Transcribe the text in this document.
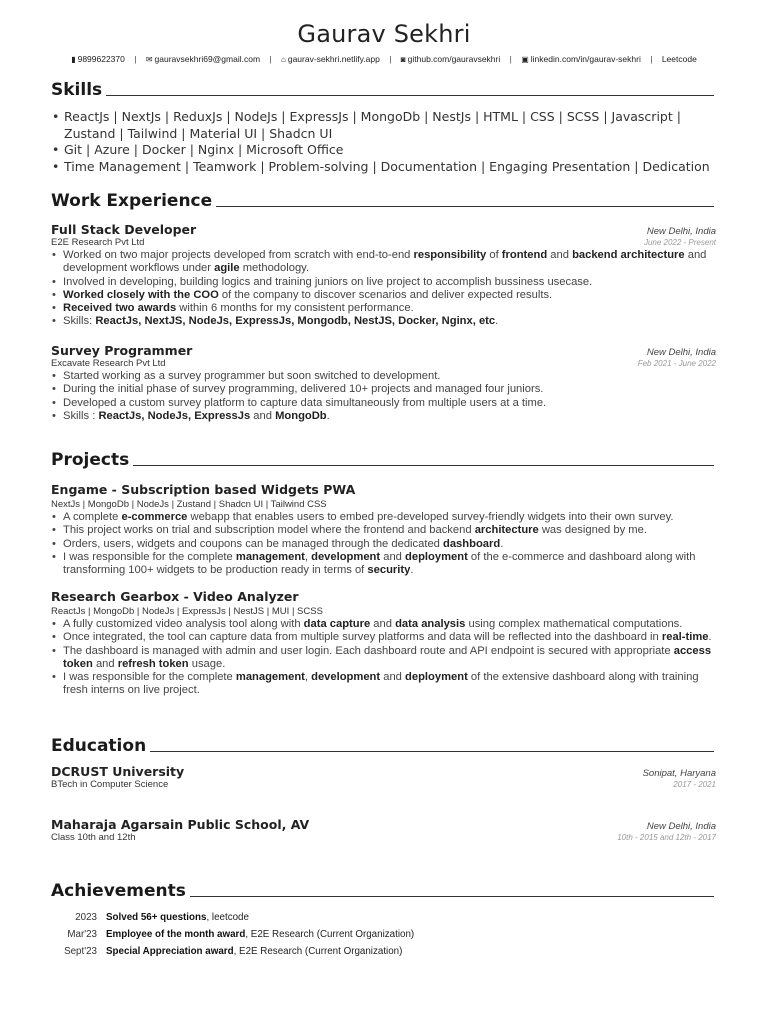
Gaurav Sekhri
▮ 9899622370 | ✉ gauravsekhri69@gmail.com | ⌂ gaurav-sekhri.netlify.app | ◙ github.com/gauravsekhri | ▣ linkedin.com/in/gaurav-sekhri | Leetcode
Skills
• ReactJs | NextJs | ReduxJs | NodeJs | ExpressJs | MongoDb | NestJs | HTML | CSS | SCSS | Javascript | Zustand | Tailwind | Material UI | Shadcn UI
• Git | Azure | Docker | Nginx | Microsoft Office
• Time Management | Teamwork | Problem-solving | Documentation | Engaging Presentation | Dedication
Work Experience
Full Stack Developer	New Delhi, India
E2E Research Pvt Ltd	June 2022 - Present
• Worked on two major projects developed from scratch with end-to-end responsibility of frontend and backend architecture and development workflows under agile methodology.
• Involved in developing, building logics and training juniors on live project to accomplish bussiness usecase.
• Worked closely with the COO of the company to discover scenarios and deliver expected results.
• Received two awards within 6 months for my consistent performance.
• Skills: ReactJs, NextJS, NodeJs, ExpressJs, Mongodb, NestJS, Docker, Nginx, etc.
Survey Programmer	New Delhi, India
Excavate Research Pvt Ltd	Feb 2021 - June 2022
• Started working as a survey programmer but soon switched to development.
• During the initial phase of survey programming, delivered 10+ projects and managed four juniors.
• Developed a custom survey platform to capture data simultaneously from multiple users at a time.
• Skills : ReactJs, NodeJs, ExpressJs and MongoDb.
Projects
Engame - Subscription based Widgets PWA
NextJs | MongoDb | NodeJs | Zustand | Shadcn UI | Tailwind CSS
• A complete e-commerce webapp that enables users to embed pre-developed survey-friendly widgets into their own survey.
• This project works on trial and subscription model where the frontend and backend architecture was designed by me.
• Orders, users, widgets and coupons can be managed through the dedicated dashboard.
• I was responsible for the complete management, development and deployment of the e-commerce and dashboard along with transforming 100+ widgets to be production ready in terms of security.
Research Gearbox - Video Analyzer
ReactJs | MongoDb | NodeJs | ExpressJs | NestJS | MUI | SCSS
• A fully customized video analysis tool along with data capture and data analysis using complex mathematical computations.
• Once integrated, the tool can capture data from multiple survey platforms and data will be reflected into the dashboard in real-time.
• The dashboard is managed with admin and user login. Each dashboard route and API endpoint is secured with appropriate access token and refresh token usage.
• I was responsible for the complete management, development and deployment of the extensive dashboard along with training fresh interns on live project.
Education
DCRUST University	Sonipat, Haryana
BTech in Computer Science	2017 - 2021
Maharaja Agarsain Public School, AV	New Delhi, India
Class 10th and 12th	10th - 2015 and 12th - 2017
Achievements
2023 Solved 56+ questions, leetcode
Mar'23 Employee of the month award, E2E Research (Current Organization)
Sept'23 Special Appreciation award, E2E Research (Current Organization)
